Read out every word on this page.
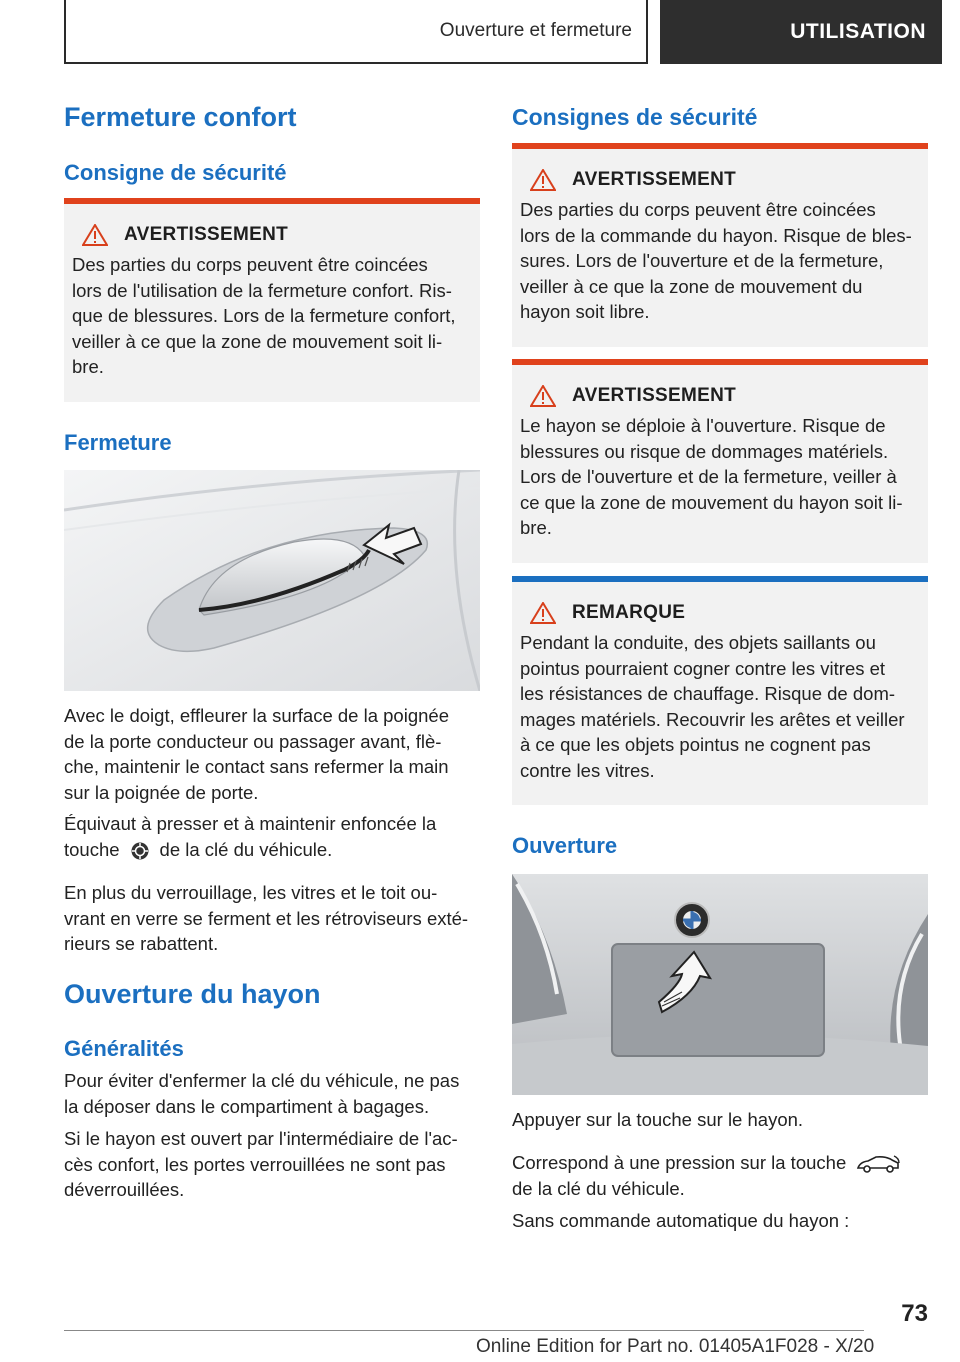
Ouverture et fermeture	UTILISATION
Fermeture confort
Consigne de sécurité
AVERTISSEMENT
Des parties du corps peuvent être coincées
lors de l'utilisation de la fermeture confort. Ris-
que de blessures. Lors de la fermeture confort,
veiller à ce que la zone de mouvement soit li-
bre.
Fermeture
Avec le doigt, effleurer la surface de la poignée
de la porte conducteur ou passager avant, flè-
che, maintenir le contact sans refermer la main
sur la poignée de porte.
Équivaut à presser et à maintenir enfoncée la
touche de la clé du véhicule.
En plus du verrouillage, les vitres et le toit ou-
vrant en verre se ferment et les rétroviseurs exté-
rieurs se rabattent.
Ouverture du hayon
Généralités
Pour éviter d'enfermer la clé du véhicule, ne pas
la déposer dans le compartiment à bagages.
Si le hayon est ouvert par l'intermédiaire de l'ac-
cès confort, les portes verrouillées ne sont pas
déverrouillées.
Consignes de sécurité
AVERTISSEMENT
Des parties du corps peuvent être coincées
lors de la commande du hayon. Risque de bles-
sures. Lors de l'ouverture et de la fermeture,
veiller à ce que la zone de mouvement du
hayon soit libre.
AVERTISSEMENT
Le hayon se déploie à l'ouverture. Risque de
blessures ou risque de dommages matériels.
Lors de l'ouverture et de la fermeture, veiller à
ce que la zone de mouvement du hayon soit li-
bre.
REMARQUE
Pendant la conduite, des objets saillants ou
pointus pourraient cogner contre les vitres et
les résistances de chauffage. Risque de dom-
mages matériels. Recouvrir les arêtes et veiller
à ce que les objets pointus ne cognent pas
contre les vitres.
Ouverture
Appuyer sur la touche sur le hayon.
Correspond à une pression sur la touche
de la clé du véhicule.
Sans commande automatique du hayon :
73
Online Edition for Part no. 01405A1F028 - X/20
